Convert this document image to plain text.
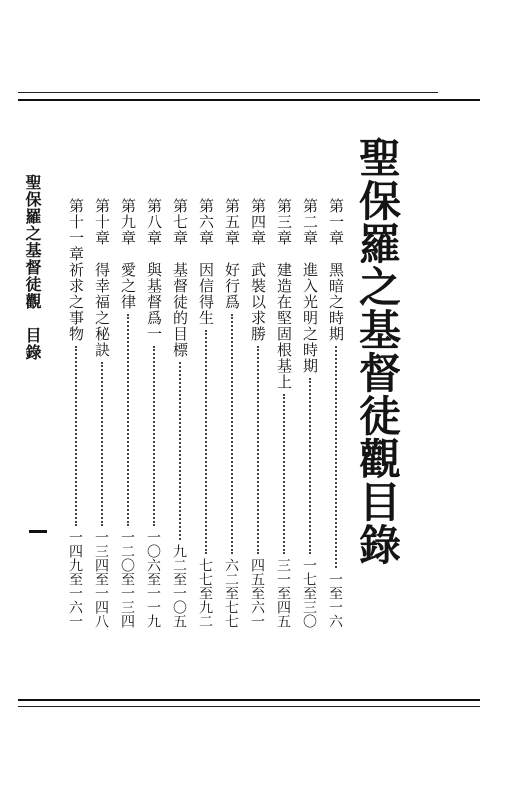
聖保羅之基督徒觀目錄
第一章
黑暗之時期
一至一六
第二章
進入光明之時期
一七至三〇
第三章
建造在堅固根基上
三一至四五
第四章
武裝以求勝
四五至六一
第五章
好行爲
六二至七七
第六章
因信得生
七七至九二
第七章
基督徒的目標
九二至一〇五
第八章
與基督爲一
一〇六至一一九
第九章
愛之律
一二〇至一三四
第十章
得幸福之秘訣
一三四至一四八
第十一章
祈求之事物
一四九至一六一
聖保羅之基督徒觀　目錄
